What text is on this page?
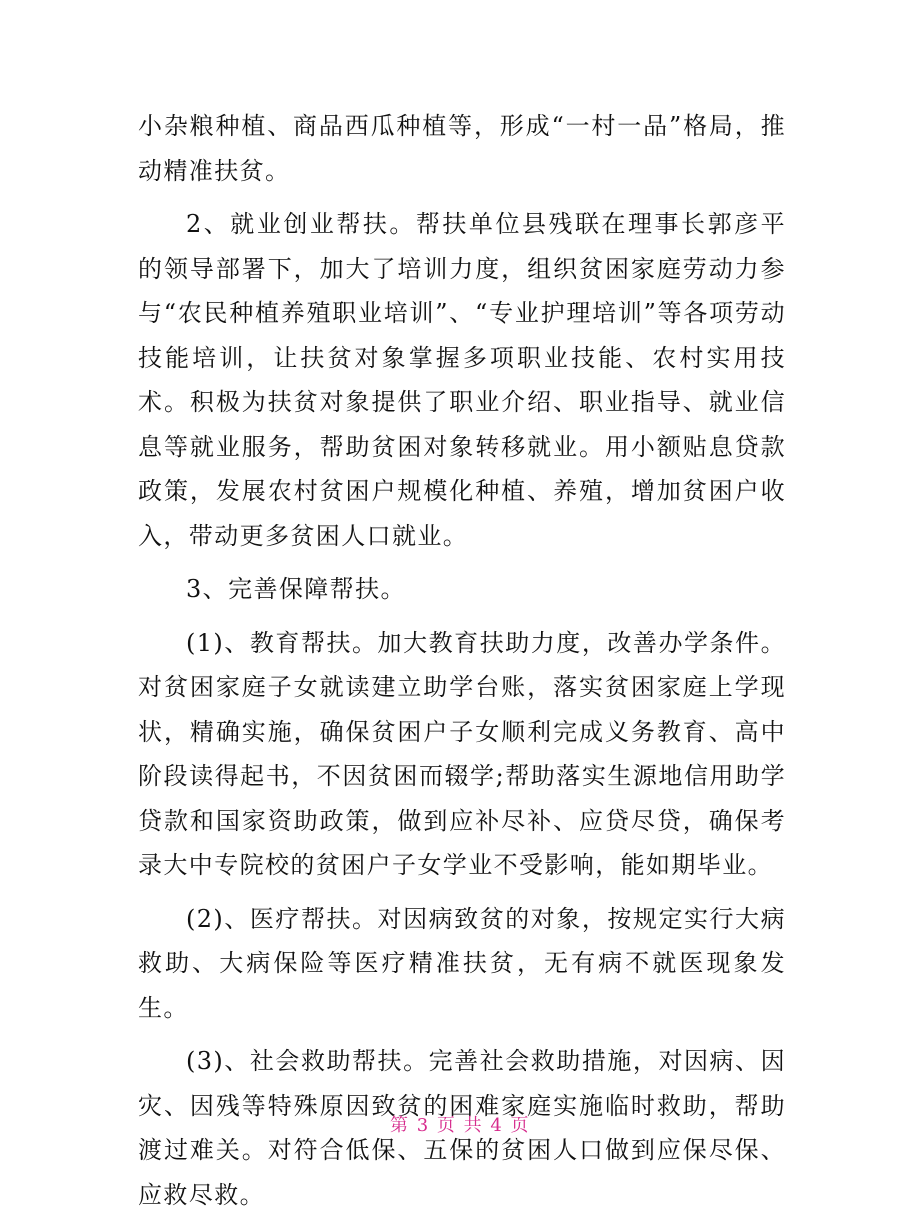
小杂粮种植、商品西瓜种植等，形成“一村一品”格局，推动精准扶贫。

2、就业创业帮扶。帮扶单位县残联在理事长郭彦平的领导部署下，加大了培训力度，组织贫困家庭劳动力参与“农民种植养殖职业培训”、“专业护理培训”等各项劳动技能培训，让扶贫对象掌握多项职业技能、农村实用技术。积极为扶贫对象提供了职业介绍、职业指导、就业信息等就业服务，帮助贫困对象转移就业。用小额贴息贷款政策，发展农村贫困户规模化种植、养殖，增加贫困户收入，带动更多贫困人口就业。

3、完善保障帮扶。

(1)、教育帮扶。加大教育扶助力度，改善办学条件。对贫困家庭子女就读建立助学台账，落实贫困家庭上学现状，精确实施，确保贫困户子女顺利完成义务教育、高中阶段读得起书，不因贫困而辍学;帮助落实生源地信用助学贷款和国家资助政策，做到应补尽补、应贷尽贷，确保考录大中专院校的贫困户子女学业不受影响，能如期毕业。

(2)、医疗帮扶。对因病致贫的对象，按规定实行大病救助、大病保险等医疗精准扶贫，无有病不就医现象发生。

(3)、社会救助帮扶。完善社会救助措施，对因病、因灾、因残等特殊原因致贫的困难家庭实施临时救助，帮助渡过难关。对符合低保、五保的贫困人口做到应保尽保、应救尽救。

第 3 页 共 4 页
